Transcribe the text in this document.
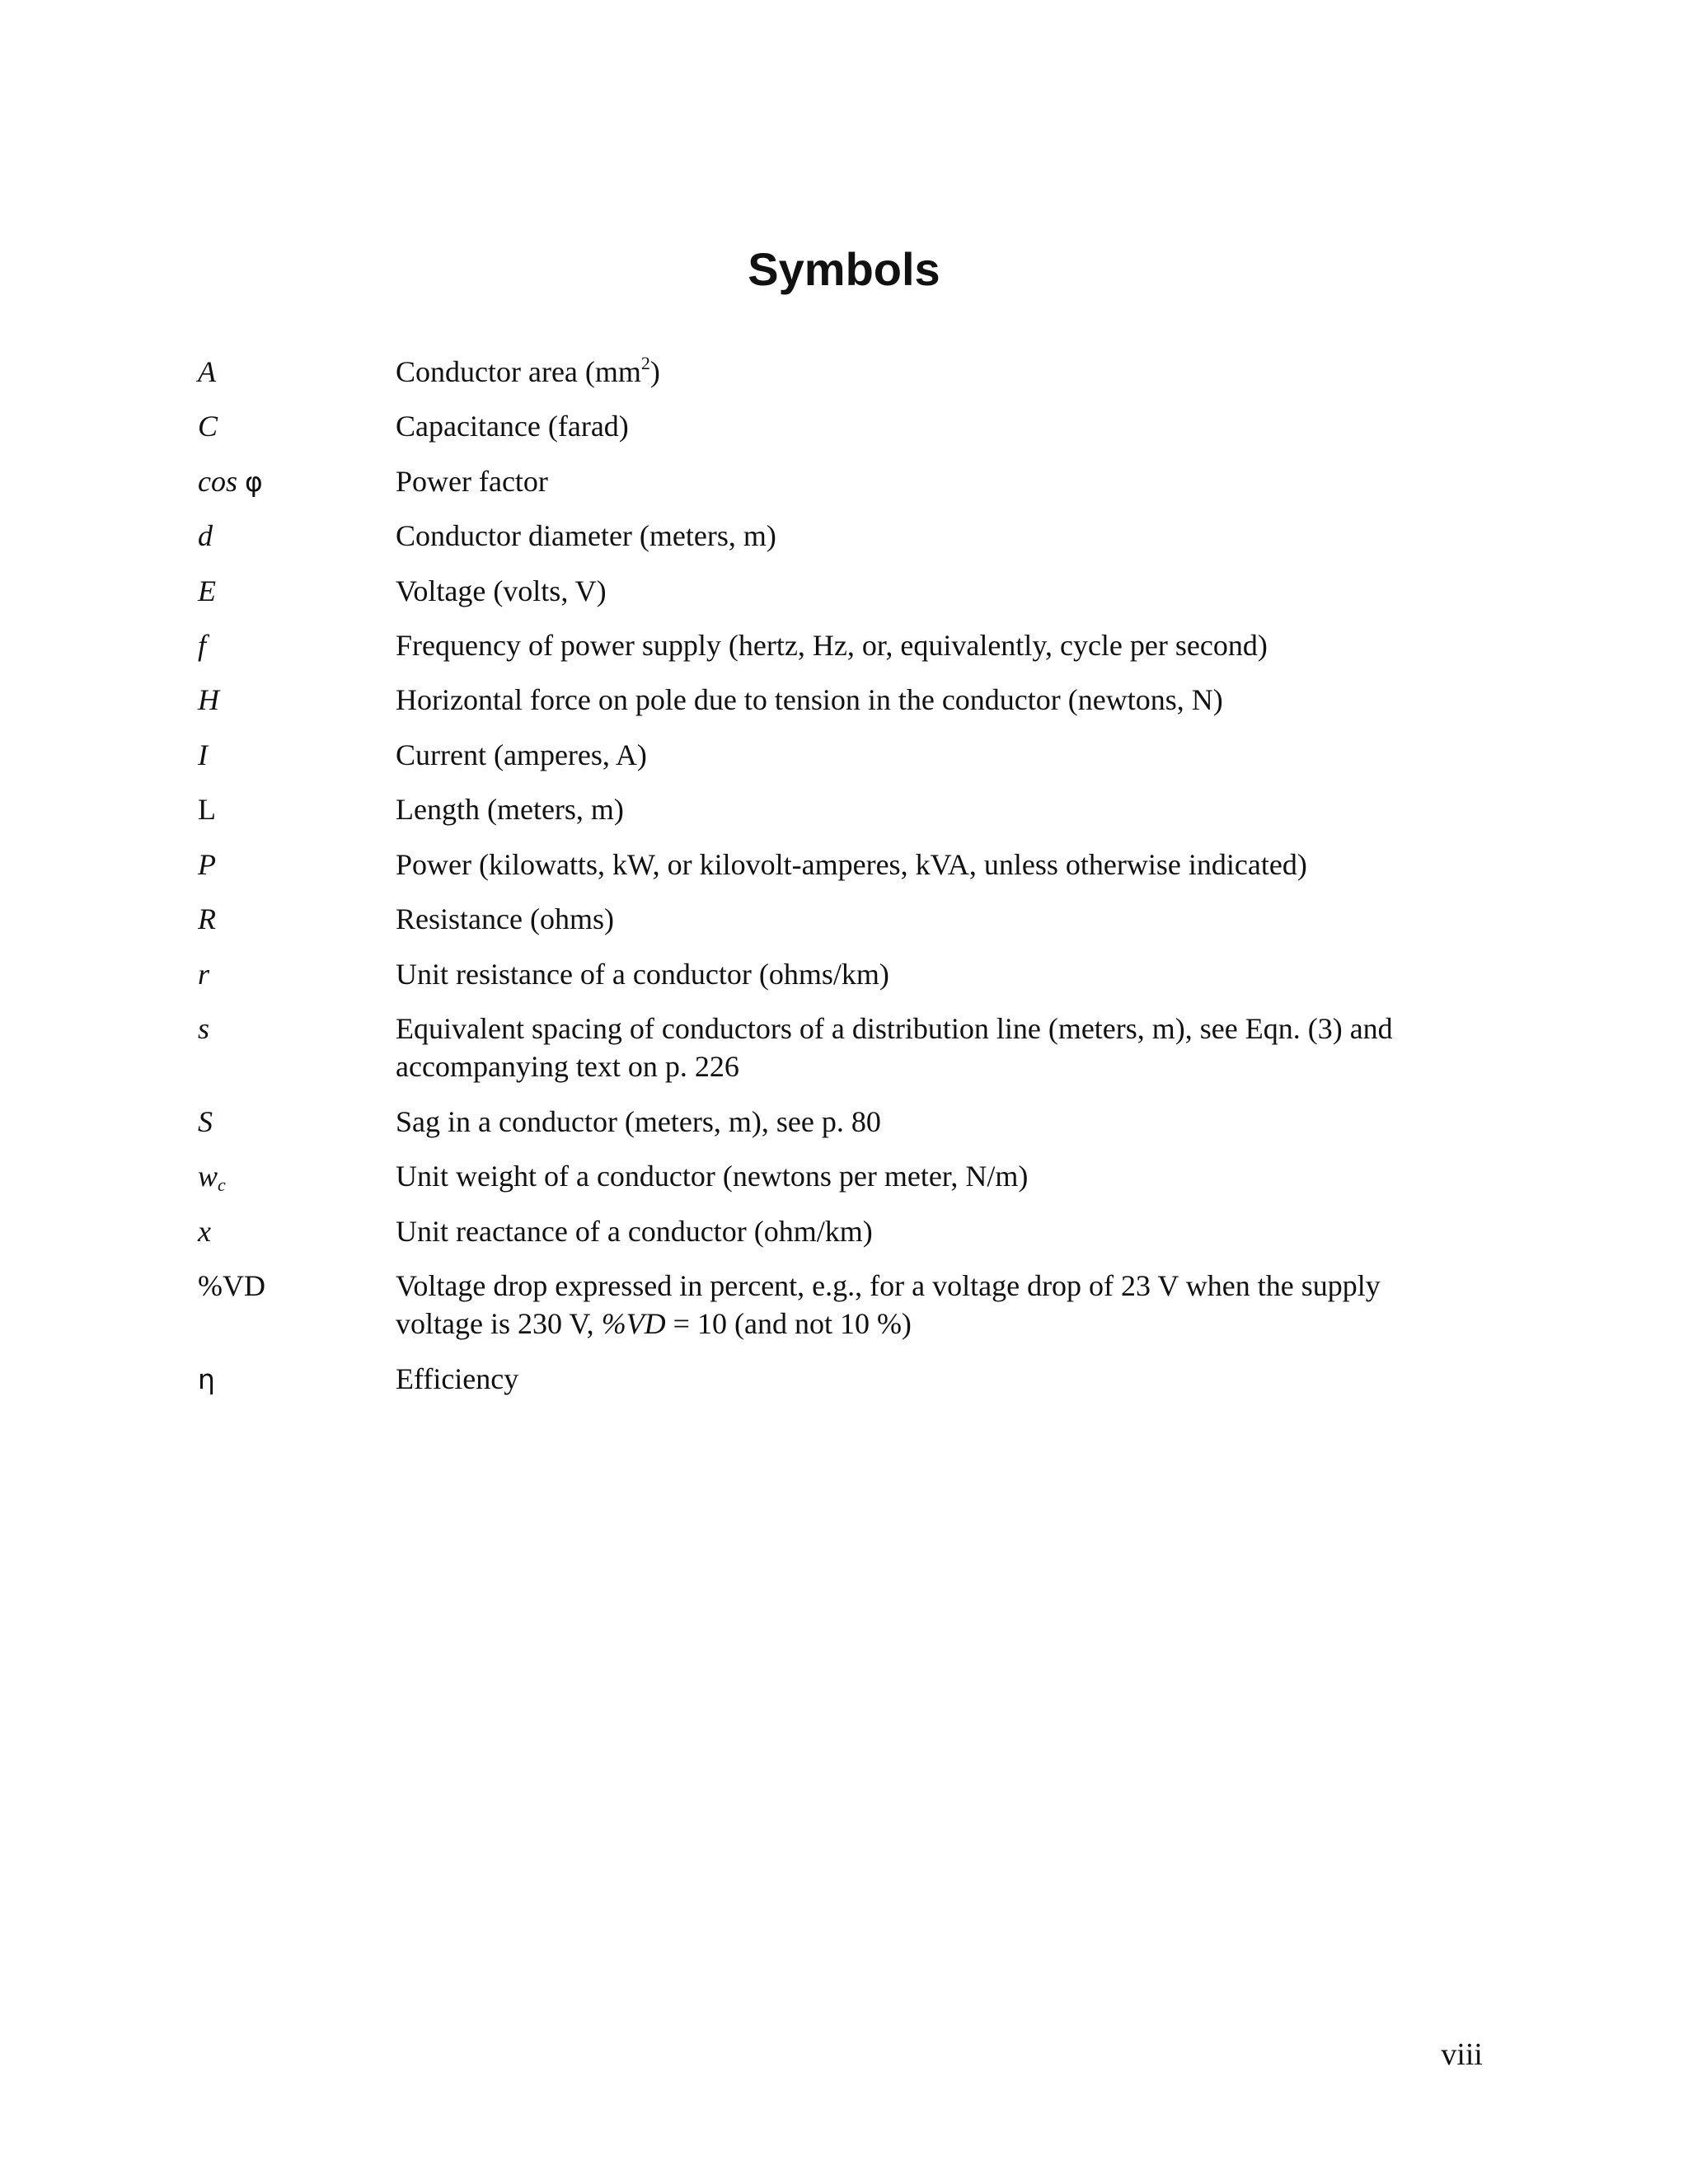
Symbols
A	Conductor area $(mm^2)$
C	Capacitance (farad)
cos φ	Power factor
d	Conductor diameter (meters, m)
E	Voltage (volts, V)
f	Frequency of power supply (hertz, Hz, or, equivalently, cycle per second)
H	Horizontal force on pole due to tension in the conductor (newtons, N)
I	Current (amperes, A)
L	Length (meters, m)
P	Power (kilowatts, kW, or kilovolt-amperes, kVA, unless otherwise indicated)
R	Resistance (ohms)
r	Unit resistance of a conductor (ohms/km)
s	Equivalent spacing of conductors of a distribution line (meters, m), see Eqn. (3) and accompanying text on p. 226
S	Sag in a conductor (meters, m), see p. 80
$w_c$	Unit weight of a conductor (newtons per meter, N/m)
x	Unit reactance of a conductor (ohm/km)
%VD	Voltage drop expressed in percent, e.g., for a voltage drop of 23 V when the supply voltage is 230 V, %VD = 10 (and not 10 %)
η	Efficiency
viii
